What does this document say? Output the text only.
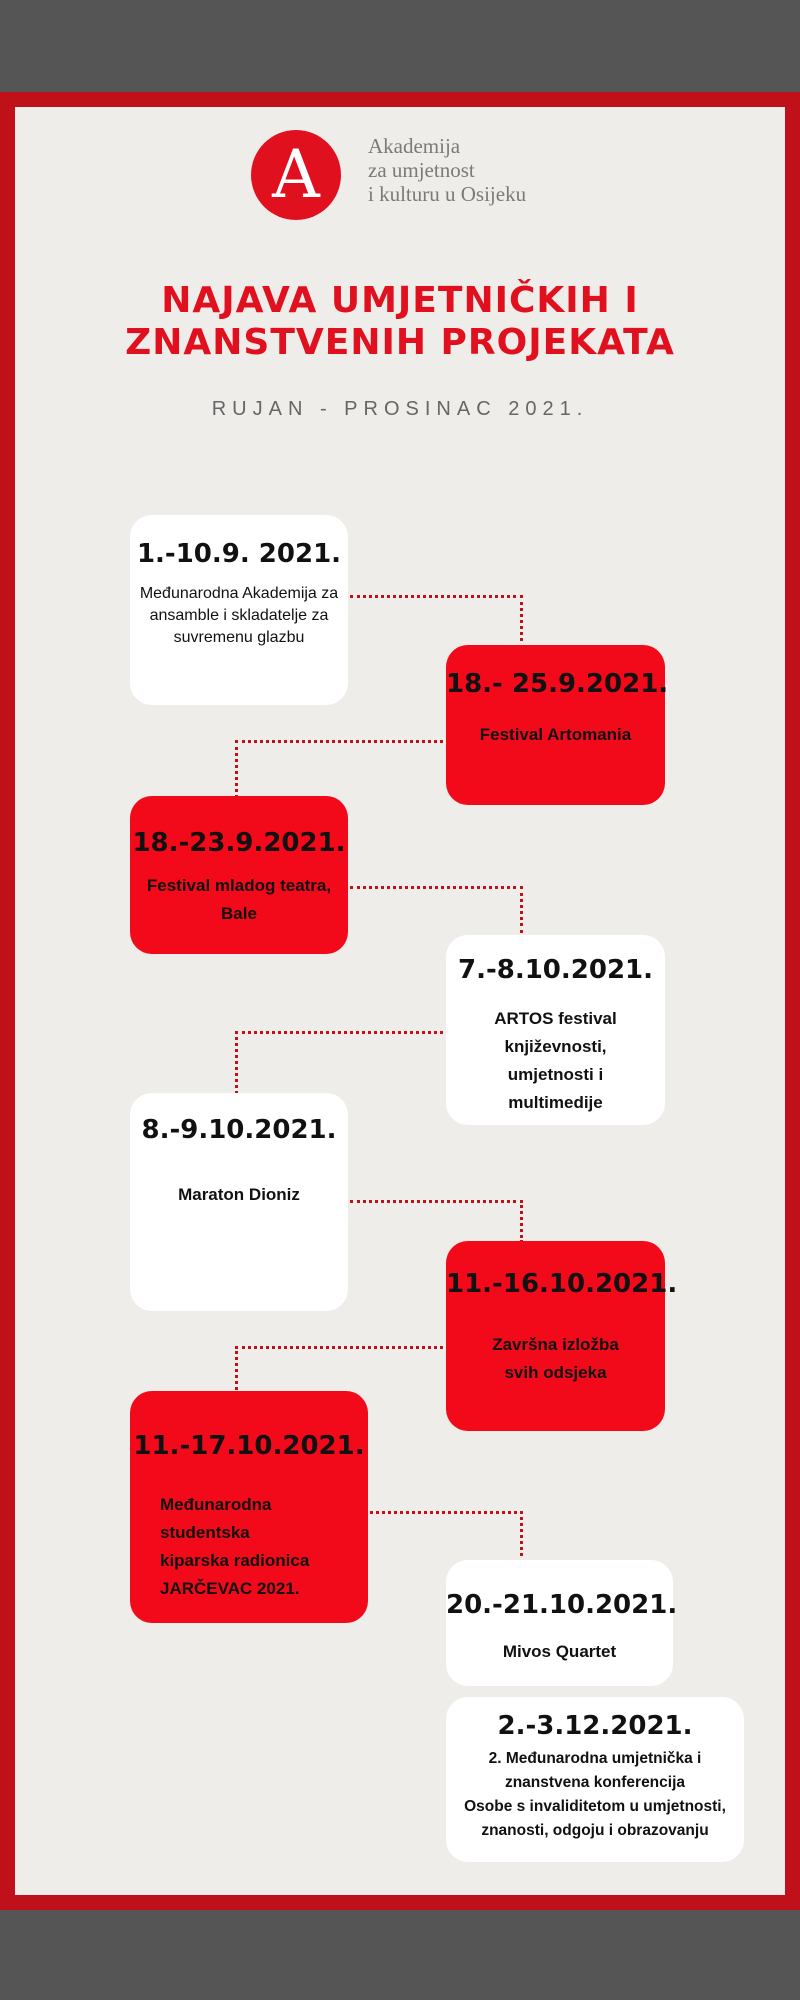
A Akademija
za umjetnost
i kulturu u Osijeku
NAJAVA UMJETNIČKIH I
ZNANSTVENIH PROJEKATA
RUJAN - PROSINAC 2021.
1.-10.9. 2021.
Međunarodna Akademija za
ansamble i skladatelje za
suvremenu glazbu
18.- 25.9.2021.
Festival Artomania
18.-23.9.2021.
Festival mladog teatra,
Bale
7.-8.10.2021.
ARTOS festival
književnosti,
umjetnosti i
multimedije
8.-9.10.2021.
Maraton Dioniz
11.-16.10.2021.
Završna izložba
svih odsjeka
11.-17.10.2021.
Međunarodna
studentska
kiparska radionica
JARČEVAC 2021.
20.-21.10.2021.
Mivos Quartet
2.-3.12.2021.
2. Međunarodna umjetnička i
znanstvena konferencija
Osobe s invaliditetom u umjetnosti,
znanosti, odgoju i obrazovanju
